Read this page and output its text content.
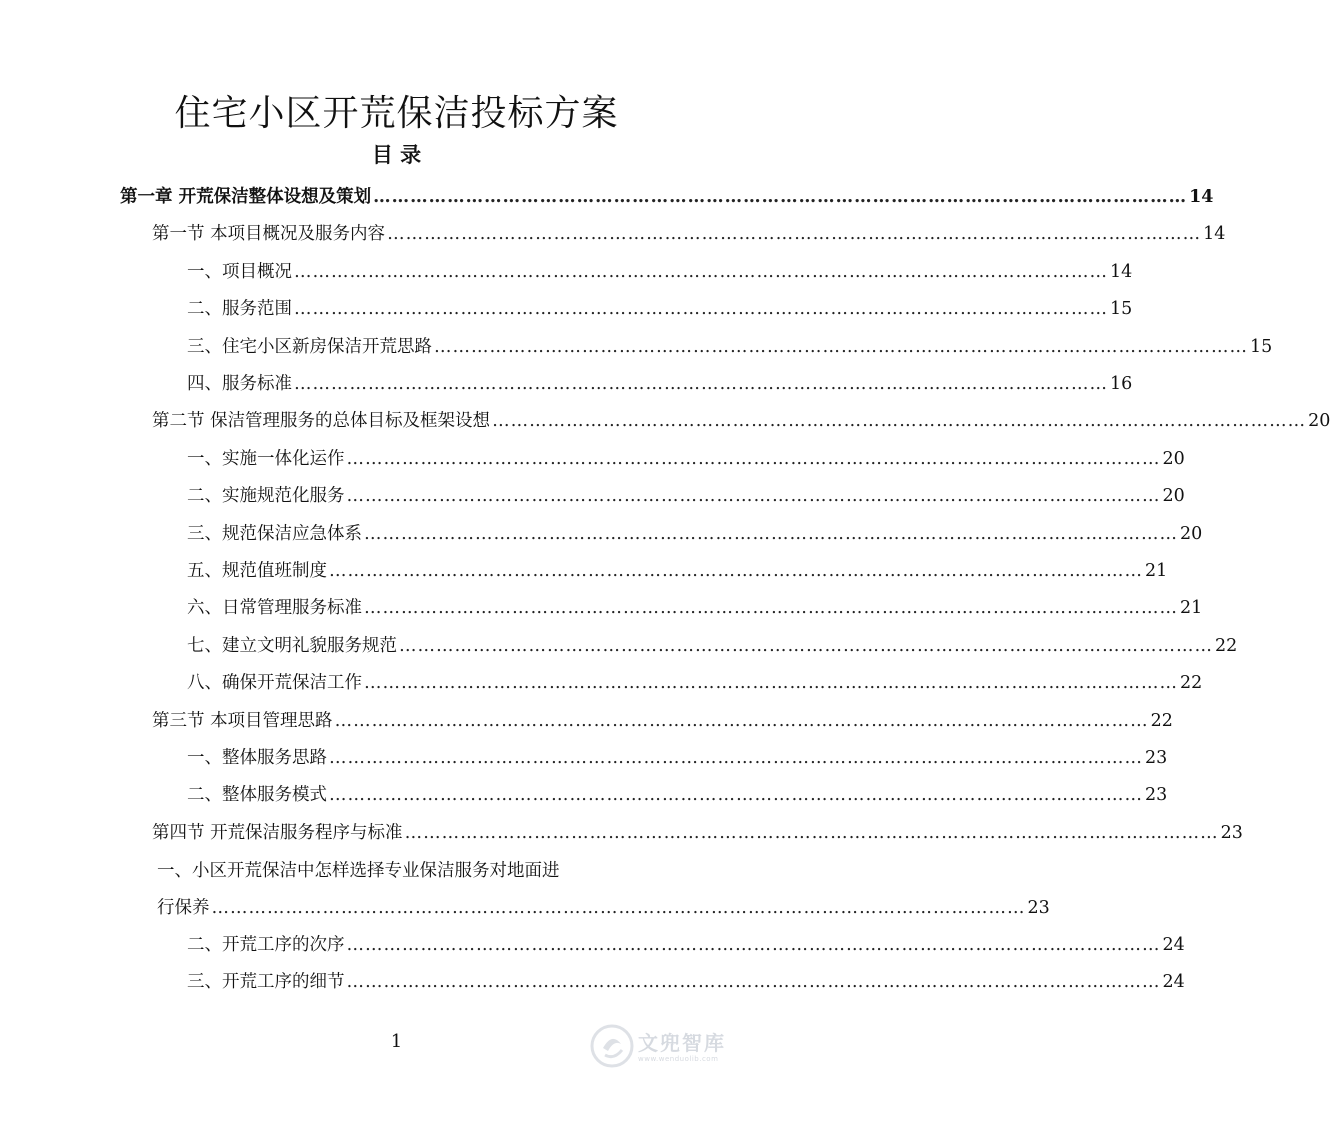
住宅小区开荒保洁投标方案
目 录
第一章 开荒保洁整体设想及策划 …………………………………………………………………………………………………………………… 14
第一节 本项目概况及服务内容 …………………………………………………………………………………………………………………… 14
一、项目概况 …………………………………………………………………………………………………………………… 14
二、服务范围 …………………………………………………………………………………………………………………… 15
三、住宅小区新房保洁开荒思路 …………………………………………………………………………………………………………………… 15
四、服务标准 …………………………………………………………………………………………………………………… 16
第二节 保洁管理服务的总体目标及框架设想 …………………………………………………………………………………………………………………… 20
一、实施一体化运作 …………………………………………………………………………………………………………………… 20
二、实施规范化服务 …………………………………………………………………………………………………………………… 20
三、规范保洁应急体系 …………………………………………………………………………………………………………………… 20
五、规范值班制度 …………………………………………………………………………………………………………………… 21
六、日常管理服务标准 …………………………………………………………………………………………………………………… 21
七、建立文明礼貌服务规范 …………………………………………………………………………………………………………………… 22
八、确保开荒保洁工作 …………………………………………………………………………………………………………………… 22
第三节 本项目管理思路 …………………………………………………………………………………………………………………… 22
一、整体服务思路 …………………………………………………………………………………………………………………… 23
二、整体服务模式 …………………………………………………………………………………………………………………… 23
第四节 开荒保洁服务程序与标准 …………………………………………………………………………………………………………………… 23
一、小区开荒保洁中怎样选择专业保洁服务对地面进
行保养 …………………………………………………………………………………………………………………… 23
二、开荒工序的次序 …………………………………………………………………………………………………………………… 24
三、开荒工序的细节 …………………………………………………………………………………………………………………… 24
1	文兜智库
www.wenduolib.com
